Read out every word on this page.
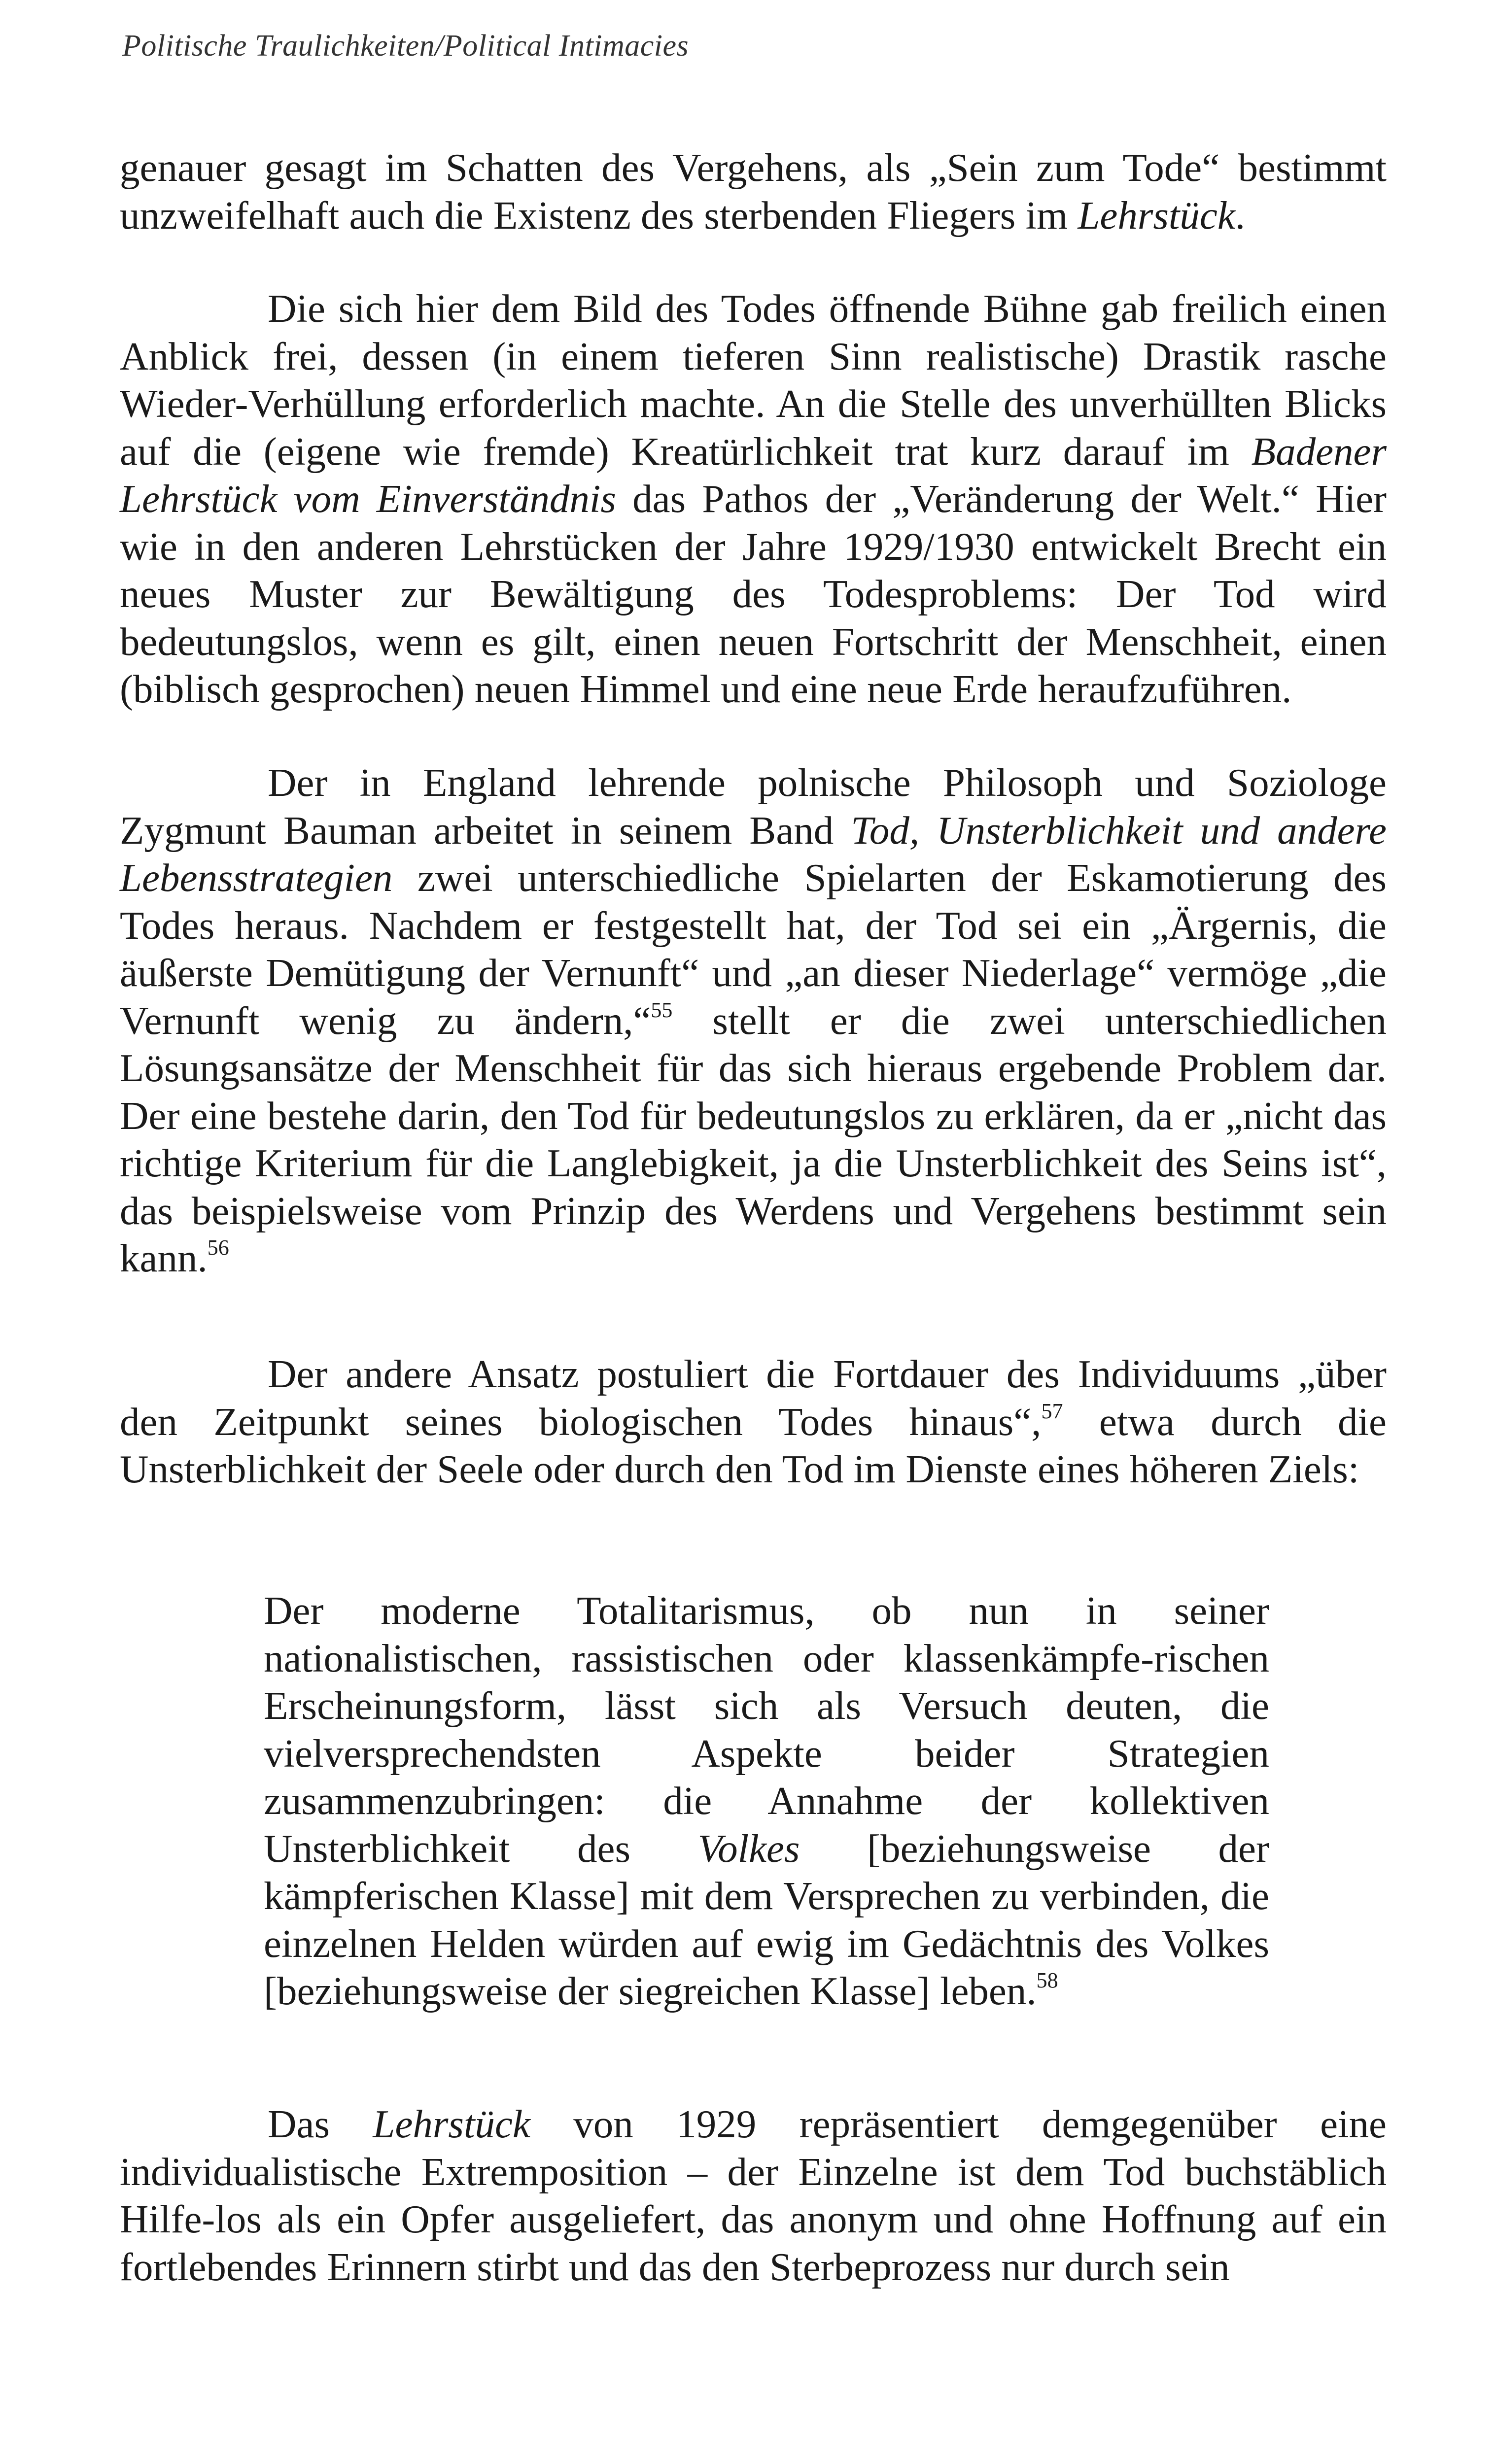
Politische Traulichkeiten/Political Intimacies

genauer gesagt im Schatten des Vergehens, als „Sein zum Tode“ bestimmt unzweifelhaft auch die Existenz des sterbenden Fliegers im Lehrstück.

Die sich hier dem Bild des Todes öffnende Bühne gab freilich einen Anblick frei, dessen (in einem tieferen Sinn realistische) Drastik rasche Wieder-Verhüllung erforderlich machte. An die Stelle des unverhüllten Blicks auf die (eigene wie fremde) Kreatürlichkeit trat kurz darauf im Badener Lehrstück vom Einverständnis das Pathos der „Veränderung der Welt.“ Hier wie in den anderen Lehrstücken der Jahre 1929/1930 entwickelt Brecht ein neues Muster zur Bewältigung des Todesproblems: Der Tod wird bedeutungslos, wenn es gilt, einen neuen Fortschritt der Menschheit, einen (biblisch gesprochen) neuen Himmel und eine neue Erde heraufzuführen.

Der in England lehrende polnische Philosoph und Soziologe Zygmunt Bauman arbeitet in seinem Band Tod, Unsterblichkeit und andere Lebensstrategien zwei unterschiedliche Spielarten der Eskamotierung des Todes heraus. Nachdem er festgestellt hat, der Tod sei ein „Ärgernis, die äußerste Demütigung der Vernunft“ und „an dieser Niederlage“ vermöge „die Vernunft wenig zu ändern,“$^{55}$ stellt er die zwei unterschiedlichen Lösungsansätze der Menschheit für das sich hieraus ergebende Problem dar. Der eine bestehe darin, den Tod für bedeutungslos zu erklären, da er „nicht das richtige Kriterium für die Langlebigkeit, ja die Unsterblichkeit des Seins ist“, das beispielsweise vom Prinzip des Werdens und Vergehens bestimmt sein kann.$^{56}$

Der andere Ansatz postuliert die Fortdauer des Individuums „über den Zeitpunkt seines biologischen Todes hinaus“,$^{57}$ etwa durch die Unsterblichkeit der Seele oder durch den Tod im Dienste eines höheren Ziels:

Der moderne Totalitarismus, ob nun in seiner nationalistischen, rassistischen oder klassenkämpfe-rischen Erscheinungsform, lässt sich als Versuch deuten, die vielversprechendsten Aspekte beider Strategien zusammenzubringen: die Annahme der kollektiven Unsterblichkeit des Volkes [beziehungsweise der kämpferischen Klasse] mit dem Versprechen zu verbinden, die einzelnen Helden würden auf ewig im Gedächtnis des Volkes [beziehungsweise der siegreichen Klasse] leben.$^{58}$

Das Lehrstück von 1929 repräsentiert demgegenüber eine individualistische Extremposition – der Einzelne ist dem Tod buchstäblich Hilfe-los als ein Opfer ausgeliefert, das anonym und ohne Hoffnung auf ein fortlebendes Erinnern stirbt und das den Sterbeprozess nur durch sein
